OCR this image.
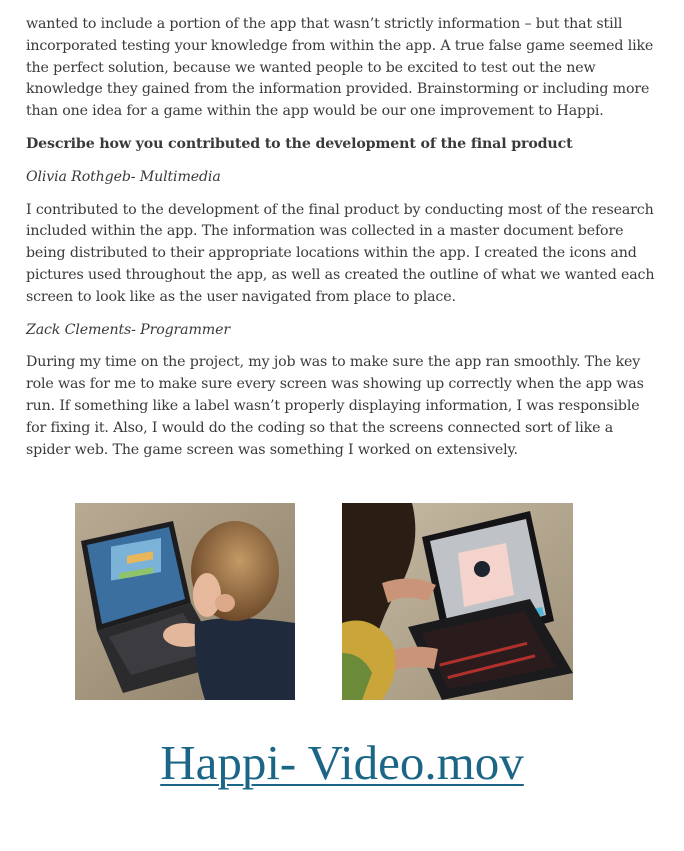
wanted to include a portion of the app that wasn’t strictly information – but that still incorporated testing your knowledge from within the app. A true false game seemed like the perfect solution, because we wanted people to be excited to test out the new knowledge they gained from the information provided. Brainstorming or including more than one idea for a game within the app would be our one improvement to Happi.

Describe how you contributed to the development of the final product

Olivia Rothgeb- Multimedia

I contributed to the development of the final product by conducting most of the research included within the app. The information was collected in a master document before being distributed to their appropriate locations within the app. I created the icons and pictures used throughout the app, as well as created the outline of what we wanted each screen to look like as the user navigated from place to place.

Zack Clements- Programmer

During my time on the project, my job was to make sure the app ran smoothly. The key role was for me to make sure every screen was showing up correctly when the app was run. If something like a label wasn’t properly displaying information, I was responsible for fixing it. Also, I would do the coding so that the screens connected sort of like a spider web. The game screen was something I worked on extensively.

Happi- Video.mov
